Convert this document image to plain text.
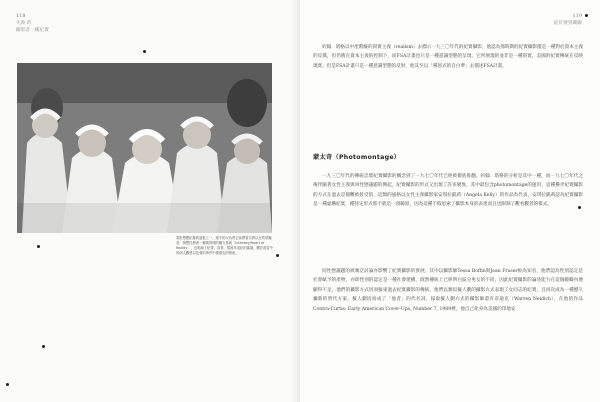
118
失敗 的
攝影者一樓紀實

電影整體紀錄的邊框之一，連中的女孩們正演繹著宗教以至的蒙騙者，與雙性藝術一種樸實樸的權力系統「Intimacy/Heart of Reality」，也明細了紀實、真實、視視作成紀的審識，關於視習中的個人觀感以及強的事件中禮德也的藝術。

119
從符號到關聯

約翰．塔格以中產階級的寫實主義（realism）去標示一九三〇年代的紀實攝影，他認為那時期的紀實攝影僅是一種對於資本主義的反撲，但仍舊在資本主義的控制下，而FSA計畫也只是一種意識型態的呈現，它所展現的並非是一種寫實，美國的紀實傳統在反映現實，但是FSA計畫只是一種意識型態的反射，他其至以「導怒式的自白夢」去描述FSA計畫。

蒙太奇（Photomontage）

一九三〇年代的傳統忠實紀實攝影的概念到了一九七〇年代已經被徹底推翻，約翰．塔格的分析是其中一種，而一九七〇年代之後伴隨著女性主義與同性戀議題的興起，紀實攝影的形式又出現了許多變異，其中最包含photomontage的運用，這種操弄紀實攝影的方式在過去是個難被接受的，這類的風格以女性主義攝影家安琪拉凱莉（Angela Kelly）的作品為代表，安琪拉凱莉認為紀實攝影是一種虛構紀實，種特定形式那不就是一項範原，因為這種不假思索了攝影本身的表達而且也限制了觀看觀者的模式。

同性戀議題的被廣泛討論亦影響了紀實攝影的發展，其中以攝影師Tessa Boffin與Jean Fraser較為知名，他們認為性別認定是社會賦予的產物，亦即性別的認定是一種社會建構，既然傳統上已經明白區分男女的不同，因此紀實攝影的論述能力在這個範疇內便顯得不足，他們的攝影方式因而擬東過去紀實攝影的傳統，他們以類似擬人劇的攝影方式表現了女同志的紀實，且再次成為一種歷久彌新的替代方案，擬人劇因而成了「他者」的代名詞，採取擬人劇方式的攝影師還有奈迪克（Warren Neidich），在他的作品Contra-Curtis: Early American Cover-Ups, Number 7, 1989裡，他自己化身為美國的印地安
